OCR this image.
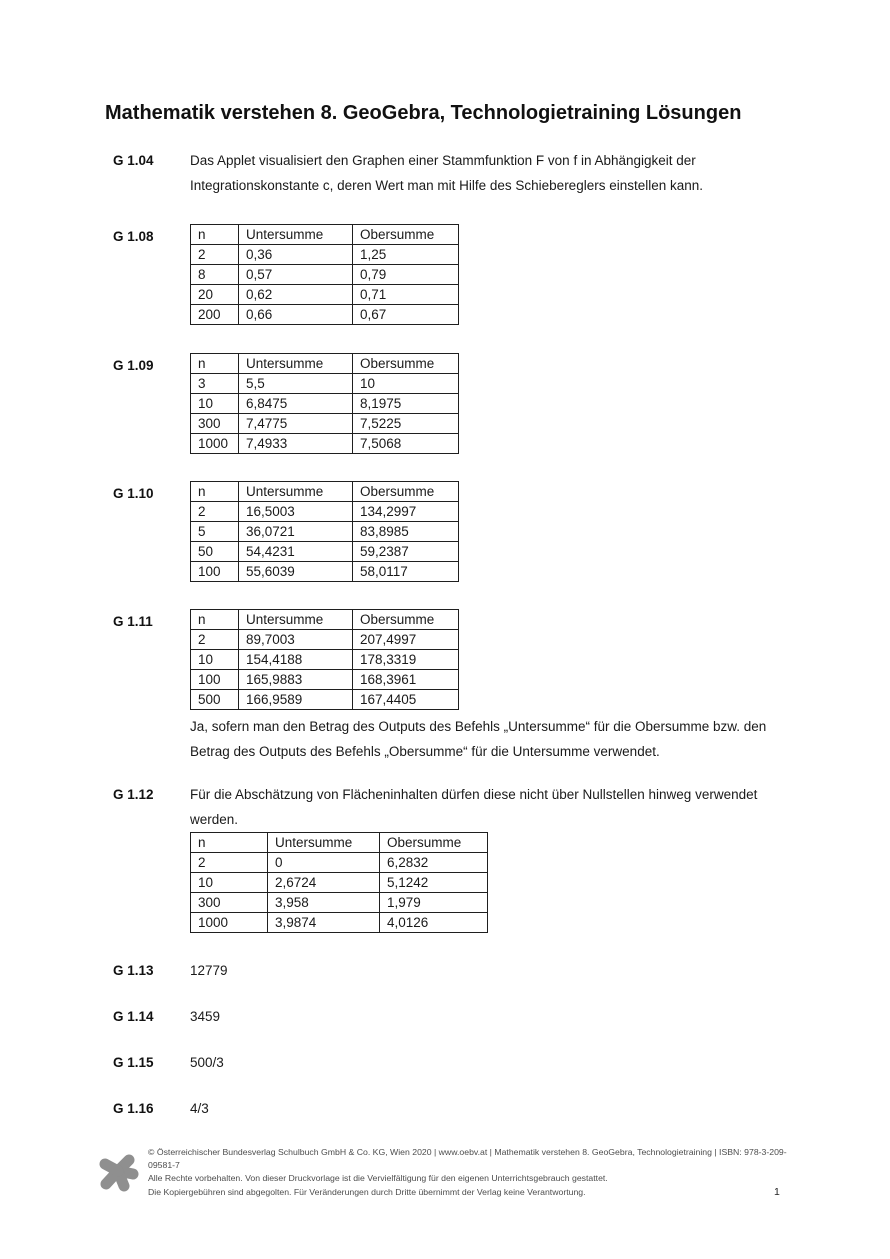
Mathematik verstehen 8. GeoGebra, Technologietraining Lösungen
G 1.04	Das Applet visualisiert den Graphen einer Stammfunktion F von f in Abhängigkeit der Integrationskonstante c, deren Wert man mit Hilfe des Schiebereglers einstellen kann.
G 1.08	n	Untersumme	Obersumme
2	0,36	1,25
8	0,57	0,79
20	0,62	0,71
200	0,66	0,67
G 1.09	n	Untersumme	Obersumme
3	5,5	10
10	6,8475	8,1975
300	7,4775	7,5225
1000	7,4933	7,5068
G 1.10	n	Untersumme	Obersumme
2	16,5003	134,2997
5	36,0721	83,8985
50	54,4231	59,2387
100	55,6039	58,0117
G 1.11	n	Untersumme	Obersumme
2	89,7003	207,4997
10	154,4188	178,3319
100	165,9883	168,3961
500	166,9589	167,4405
Ja, sofern man den Betrag des Outputs des Befehls „Untersumme“ für die Obersumme bzw. den Betrag des Outputs des Befehls „Obersumme“ für die Untersumme verwendet.
G 1.12	Für die Abschätzung von Flächeninhalten dürfen diese nicht über Nullstellen hinweg verwendet werden.
n	Untersumme	Obersumme
2	0	6,2832
10	2,6724	5,1242
300	3,958	1,979
1000	3,9874	4,0126
G 1.13	12779
G 1.14	3459
G 1.15	500/3
G 1.16	4/3
© Österreichischer Bundesverlag Schulbuch GmbH & Co. KG, Wien 2020 | www.oebv.at | Mathematik verstehen 8. GeoGebra, Technologietraining | ISBN: 978-3-209-09581-7
Alle Rechte vorbehalten. Von dieser Druckvorlage ist die Vervielfältigung für den eigenen Unterrichtsgebrauch gestattet.
Die Kopiergebühren sind abgegolten. Für Veränderungen durch Dritte übernimmt der Verlag keine Verantwortung.	1
